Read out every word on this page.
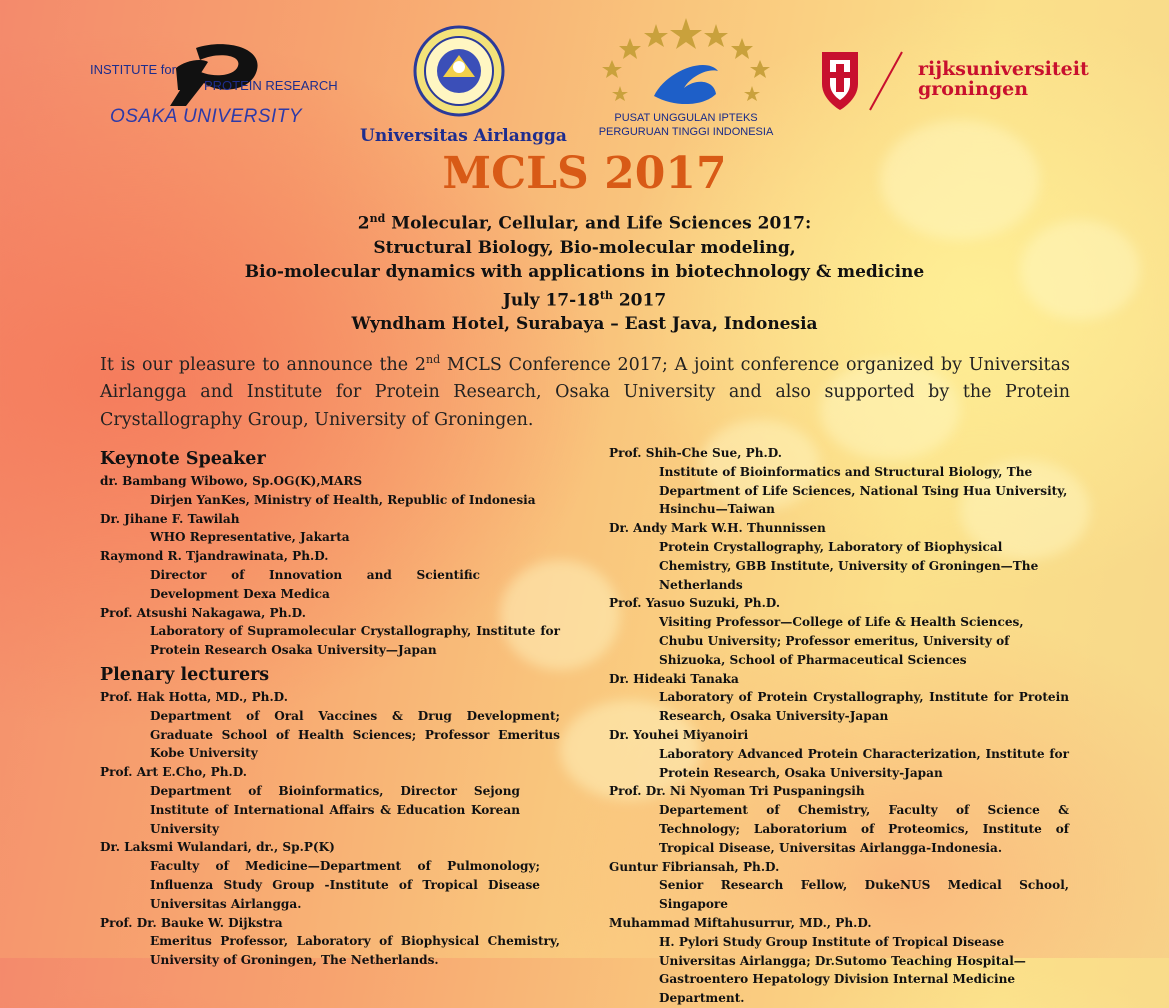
INSTITUTE for
PROTEIN RESEARCH
OSAKA UNIVERSITY
Universitas Airlangga
PUSAT UNGGULAN IPTEKS
PERGURUAN TINGGI INDONESIA
rijksuniversiteit
groningen
MCLS 2017
2nd Molecular, Cellular, and Life Sciences 2017:
Structural Biology, Bio-molecular modeling,
Bio-molecular dynamics with applications in biotechnology & medicine
July 17-18th 2017
Wyndham Hotel, Surabaya – East Java, Indonesia
It is our pleasure to announce the 2nd MCLS Conference 2017; A joint conference organized by Universitas Airlangga and Institute for Protein Research, Osaka University and also supported by the Protein Crystallography Group, University of Groningen.
Keynote Speaker
dr. Bambang Wibowo, Sp.OG(K),MARS
Dirjen YanKes, Ministry of Health, Republic of Indonesia
Dr. Jihane F. Tawilah
WHO Representative, Jakarta
Raymond R. Tjandrawinata, Ph.D.
Director of Innovation and Scientific Development Dexa Medica
Prof. Atsushi Nakagawa, Ph.D.
Laboratory of Supramolecular Crystallography, Institute for Protein Research Osaka University—Japan
Plenary lecturers
Prof. Hak Hotta, MD., Ph.D.
Department of Oral Vaccines & Drug Development; Graduate School of Health Sciences; Professor Emeritus Kobe University
Prof. Art E.Cho, Ph.D.
Department of Bioinformatics, Director Sejong Institute of International Affairs & Education Korean University
Dr. Laksmi Wulandari, dr., Sp.P(K)
Faculty of Medicine—Department of Pulmonology; Influenza Study Group -Institute of Tropical Disease Universitas Airlangga.
Prof. Dr. Bauke W. Dijkstra
Emeritus Professor, Laboratory of Biophysical Chemistry, University of Groningen, The Netherlands.
Prof. Shih-Che Sue, Ph.D.
Institute of Bioinformatics and Structural Biology, The Department of Life Sciences, National Tsing Hua University, Hsinchu—Taiwan
Dr. Andy Mark W.H. Thunnissen
Protein Crystallography, Laboratory of Biophysical Chemistry, GBB Institute, University of Groningen—The Netherlands
Prof. Yasuo Suzuki, Ph.D.
Visiting Professor—College of Life & Health Sciences, Chubu University; Professor emeritus, University of Shizuoka, School of Pharmaceutical Sciences
Dr. Hideaki Tanaka
Laboratory of Protein Crystallography, Institute for Protein Research, Osaka University-Japan
Dr. Youhei Miyanoiri
Laboratory Advanced Protein Characterization, Institute for Protein Research, Osaka University-Japan
Prof. Dr. Ni Nyoman Tri Puspaningsih
Departement of Chemistry, Faculty of Science & Technology; Laboratorium of Proteomics, Institute of Tropical Disease, Universitas Airlangga-Indonesia.
Guntur Fibriansah, Ph.D.
Senior Research Fellow, DukeNUS Medical School, Singapore
Muhammad Miftahusurrur, MD., Ph.D.
H. Pylori Study Group Institute of Tropical Disease Universitas Airlangga; Dr.Sutomo Teaching Hospital—Gastroentero Hepatology Division Internal Medicine Department.
